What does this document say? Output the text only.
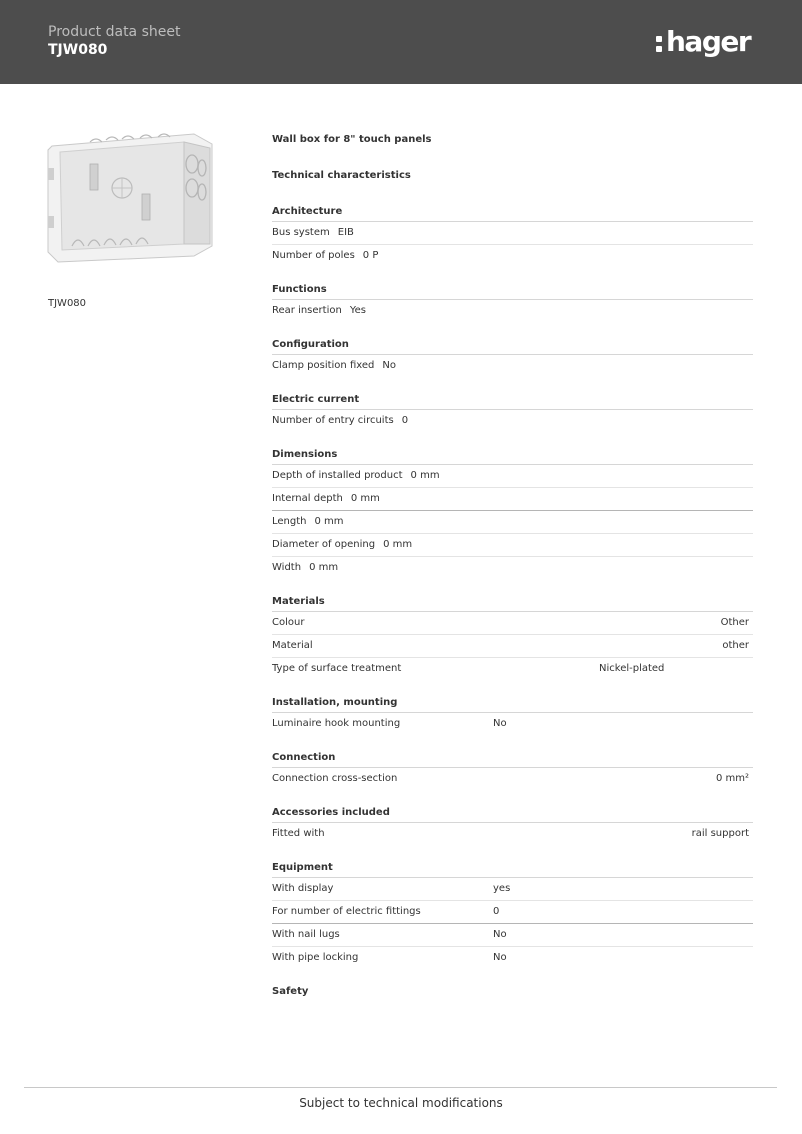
Product data sheet
TJW080	hager
TJW080
Wall box for 8" touch panels
Technical characteristics
Architecture
Bus system EIB
Number of poles 0 P
Functions
Rear insertion Yes
Configuration
Clamp position fixed No
Electric current
Number of entry circuits 0
Dimensions
Depth of installed product 0 mm
Internal depth 0 mm
Length 0 mm
Diameter of opening 0 mm
Width 0 mm
Materials
Colour	Other
Material	other
Type of surface treatment	Nickel-plated
Installation, mounting
Luminaire hook mounting	No
Connection
Connection cross-section	0 mm²
Accessories included
Fitted with	rail support
Equipment
With display	yes
For number of electric fittings	0
With nail lugs	No
With pipe locking	No
Safety
Subject to technical modifications
